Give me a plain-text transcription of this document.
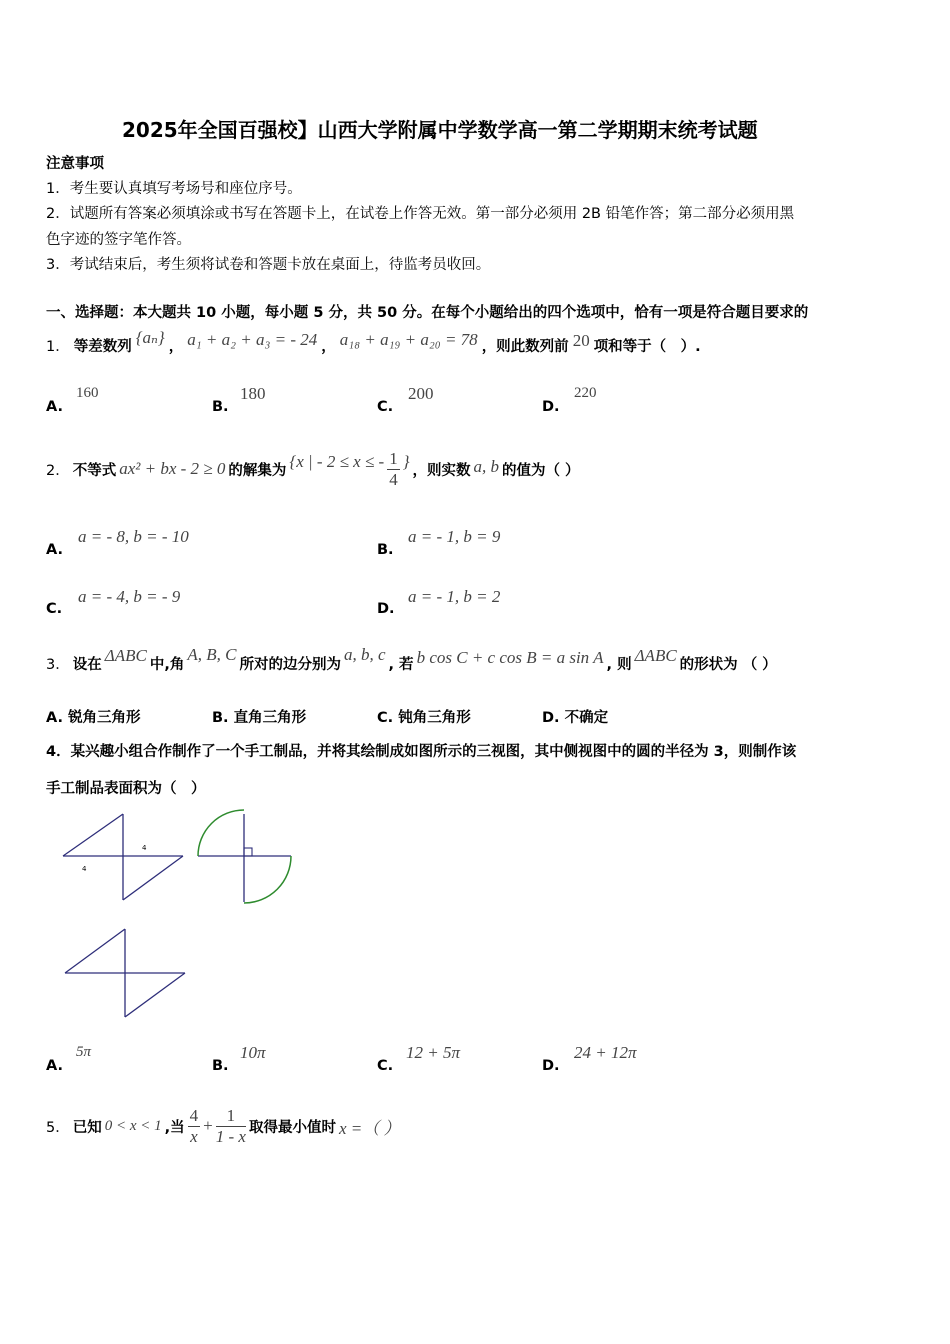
2025年全国百强校】山西大学附属中学数学高一第二学期期末统考试题
注意事项
1．考生要认真填写考场号和座位序号。
2．试题所有答案必须填涂或书写在答题卡上，在试卷上作答无效。第一部分必须用 2B 铅笔作答；第二部分必须用黑
色字迹的签字笔作答。
3．考试结束后，考生须将试卷和答题卡放在桌面上，待监考员收回。
一、选择题：本大题共 10 小题，每小题 5 分，共 50 分。在每个小题给出的四个选项中，恰有一项是符合题目要求的
1． 等差数列 {aₙ} ， a₁ + a₂ + a₃ = - 24 ， a₁₈ + a₁₉ + a₂₀ = 78 ，则此数列前 20 项和等于（　）.
A.
160
B.
180
C.
200
D.
220
2． 不等式 ax² + bx - 2 ≥ 0 的解集为 {x | - 2 ≤ x ≤ - $\frac{1}{4}$ } ，则实数 a, b 的值为（ ）
A.
a = - 8, b = - 10
B.
a = - 1, b = 9
C.
a = - 4, b = - 9
D.
a = - 1, b = 2
3． 设在 ΔABC 中,角
A, B, C
所对的边分别为
a, b, c
, 若 b cos C + c cos B = a sin A , 则 ΔABC 的形状为 （ ）
A. 锐角三角形	B. 直角三角形	C. 钝角三角形	D. 不确定
4．某兴趣小组合作制作了一个手工制品，并将其绘制成如图所示的三视图，其中侧视图中的圆的半径为 3，则制作该
手工制品表面积为（　）
4
4
A.
5π
B.
10π
C.
12 + 5π
D.
24 + 12π
5． 已知 0 < x < 1 ,当 $\frac{4}{x} + \frac{1}{1 - x}$ 取得最小值时 x =（ ）
